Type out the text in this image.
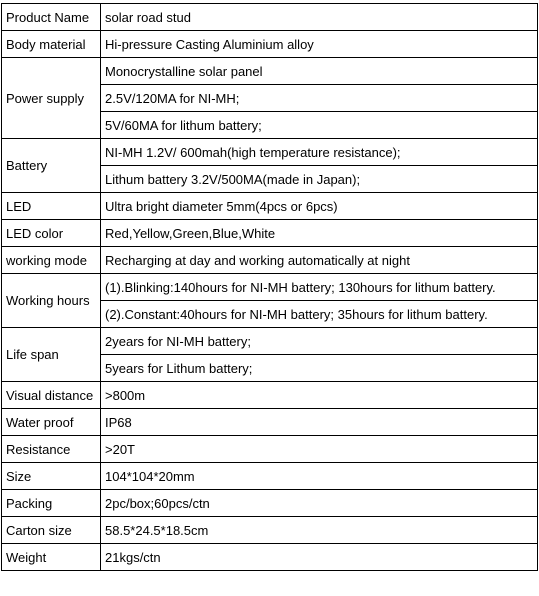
Product Name	solar road stud
Body material	Hi-pressure Casting Aluminium alloy
Power supply	Monocrystalline solar panel
	2.5V/120MA for NI-MH;
	5V/60MA for lithum battery;
Battery	NI-MH 1.2V/ 600mah(high temperature resistance);
	Lithum battery 3.2V/500MA(made in Japan);
LED	Ultra bright diameter 5mm(4pcs or 6pcs)
LED color	Red,Yellow,Green,Blue,White
working mode	Recharging at day and working automatically at night
Working hours	(1).Blinking:140hours for NI-MH battery; 130hours for lithum battery.
	(2).Constant:40hours for NI-MH battery; 35hours for lithum battery.
Life span	2years for NI-MH battery;
	5years for Lithum battery;
Visual distance	>800m
Water proof	IP68
Resistance	>20T
Size	104*104*20mm
Packing	2pc/box;60pcs/ctn
Carton size	58.5*24.5*18.5cm
Weight	21kgs/ctn
